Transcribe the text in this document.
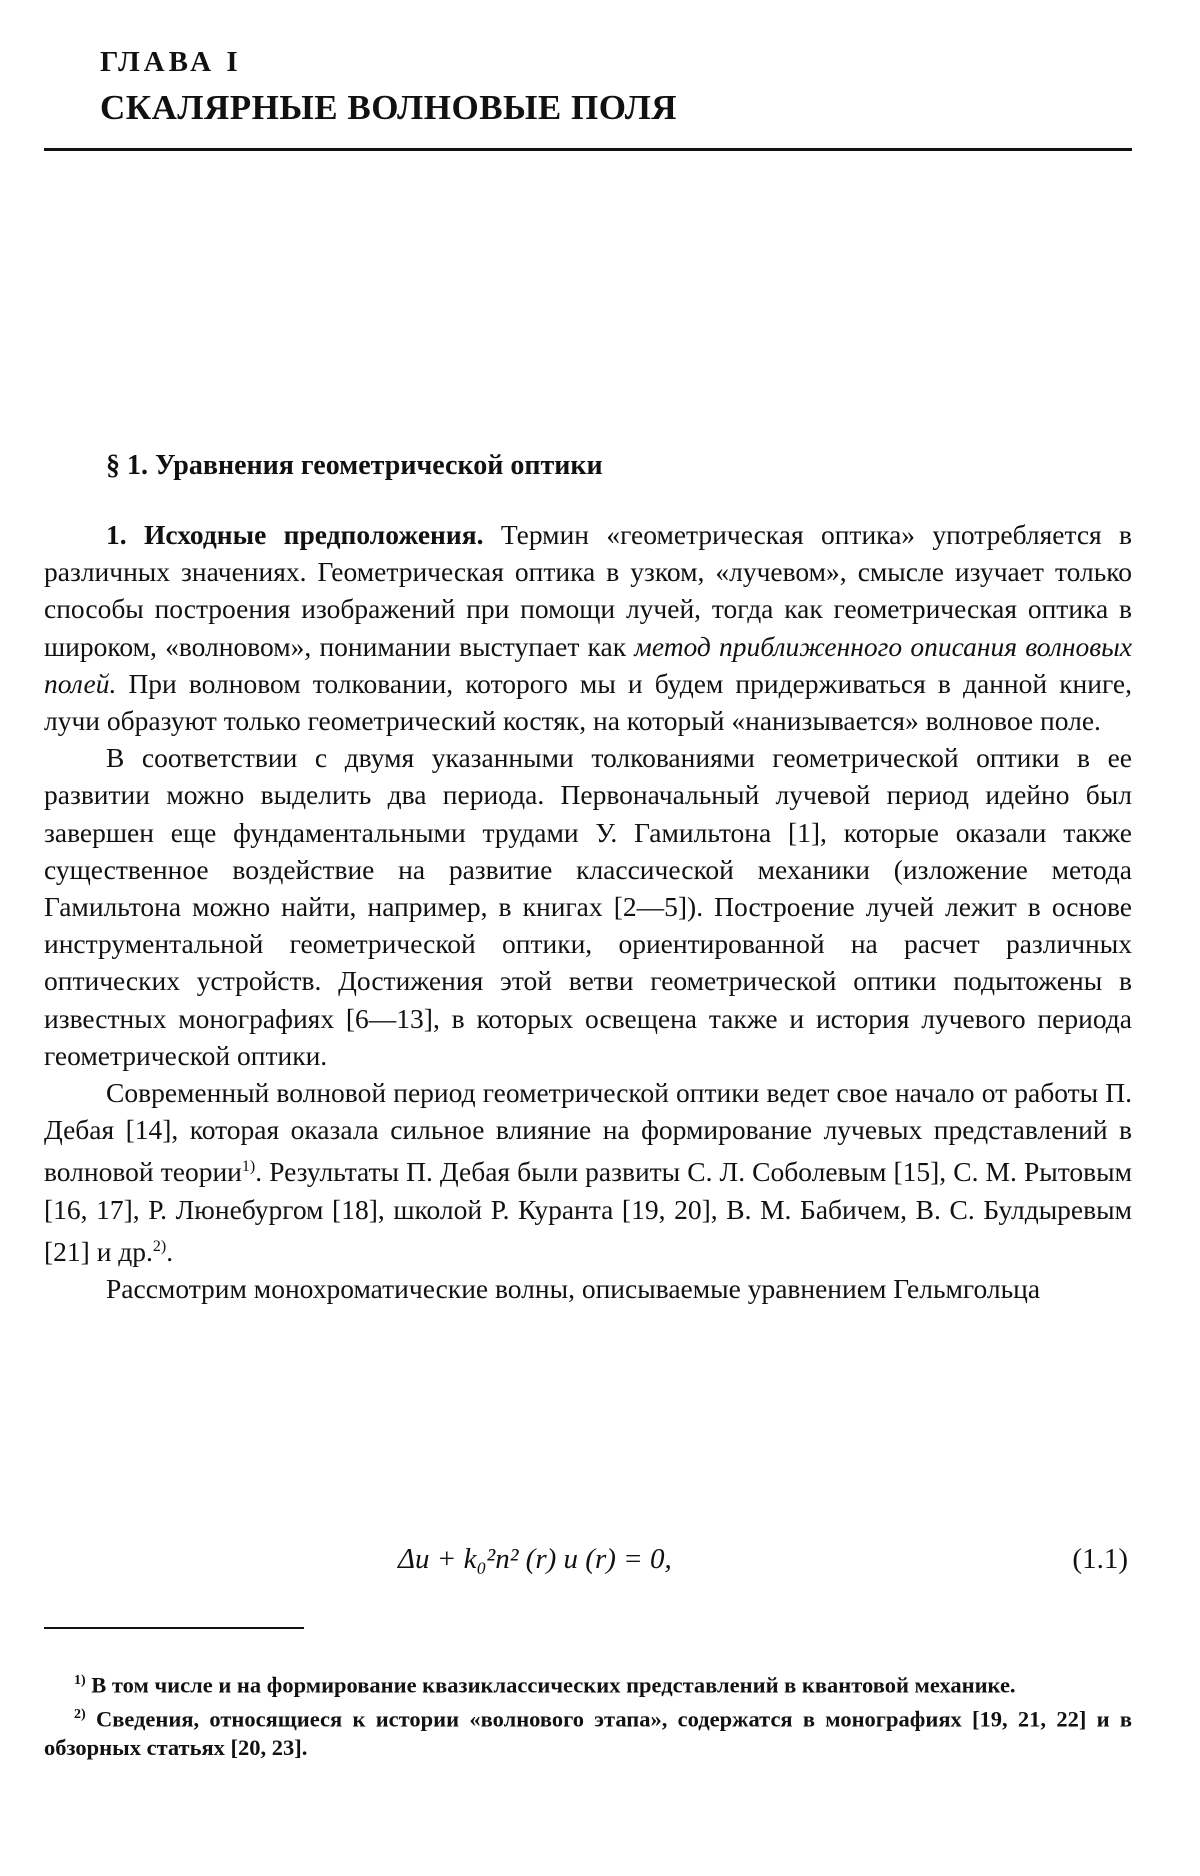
ГЛАВА I
СКАЛЯРНЫЕ ВОЛНОВЫЕ ПОЛЯ
§ 1. Уравнения геометрической оптики

1. Исходные предположения. Термин «геометрическая оптика» употребляется в различных значениях. Геометрическая оптика в узком, «лучевом», смысле изучает только способы построения изображений при помощи лучей, тогда как геометрическая оптика в широком, «волновом», понимании выступает как метод приближенного описания волновых полей. При волновом толковании, которого мы и будем придерживаться в данной книге, лучи образуют только геометрический костяк, на который «нанизывается» волновое поле.

В соответствии с двумя указанными толкованиями геометрической оптики в ее развитии можно выделить два периода. Первоначальный лучевой период идейно был завершен еще фундаментальными трудами У. Гамильтона [1], которые оказали также существенное воздействие на развитие классической механики (изложение метода Гамильтона можно найти, например, в книгах [2—5]). Построение лучей лежит в основе инструментальной геометрической оптики, ориентированной на расчет различных оптических устройств. Достижения этой ветви геометрической оптики подытожены в известных монографиях [6—13], в которых освещена также и история лучевого периода геометрической оптики.

Современный волновой период геометрической оптики ведет свое начало от работы П. Дебая [14], которая оказала сильное влияние на формирование лучевых представлений в волновой теории$^{1)}$. Результаты П. Дебая были развиты С. Л. Соболевым [15], С. М. Рытовым [16, 17], Р. Люнебургом [18], школой Р. Куранта [19, 20], В. М. Бабичем, В. С. Булдыревым [21] и др.$^{2)}$.

Рассмотрим монохроматические волны, описываемые уравнением Гельмгольца

Δu + k₀²n² (r) u (r) = 0,	(1.1)

$^{1)}$ В том числе и на формирование квазиклассических представлений в квантовой механике.

$^{2)}$ Сведения, относящиеся к истории «волнового этапа», содержатся в монографиях [19, 21, 22] и в обзорных статьях [20, 23].
